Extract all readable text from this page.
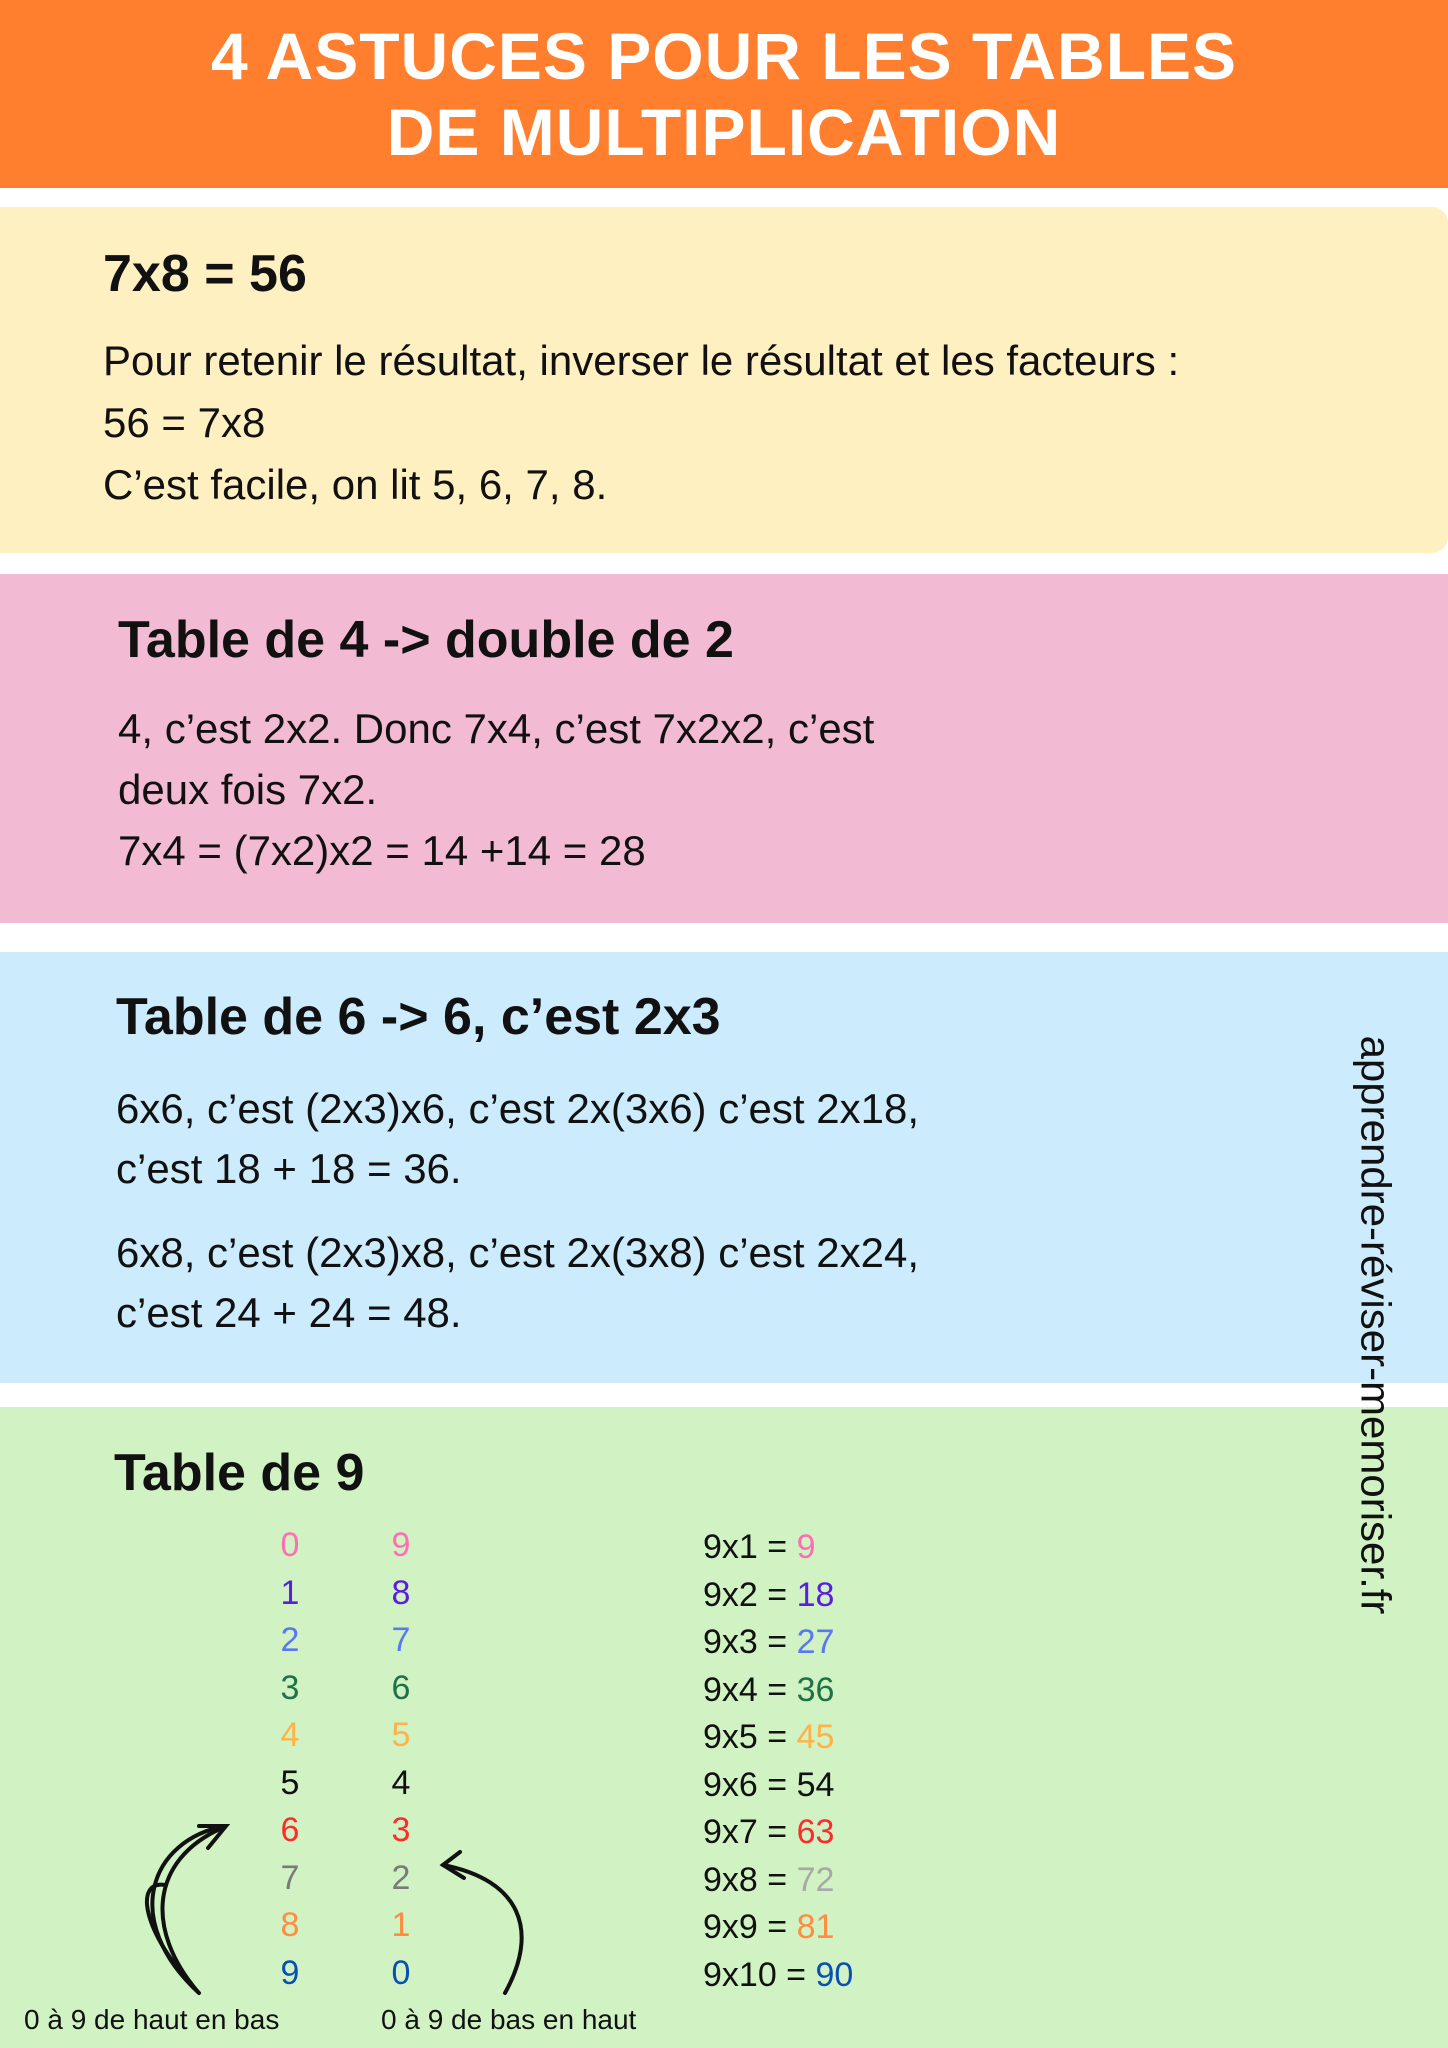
4 ASTUCES POUR LES TABLES
DE MULTIPLICATION
7x8 = 56
Pour retenir le résultat, inverser le résultat et les facteurs :
56 = 7x8
C’est facile, on lit 5, 6, 7, 8.
Table de 4 -> double de 2
4, c’est 2x2. Donc 7x4, c’est 7x2x2, c’est
deux fois 7x2.
7x4 = (7x2)x2 = 14 +14 = 28
Table de 6 -> 6, c’est 2x3
6x6, c’est (2x3)x6, c’est 2x(3x6) c’est 2x18,
c’est 18 + 18 = 36.
6x8, c’est (2x3)x8, c’est 2x(3x8) c’est 2x24,
c’est 24 + 24 = 48.
Table de 9
0
1
2
3
4
5
6
7
8
9
9
8
7
6
5
4
3
2
1
0
9x1 = 9
9x2 = 18
9x3 = 27
9x4 = 36
9x5 = 45
9x6 = 54
9x7 = 63
9x8 = 72
9x9 = 81
9x10 = 90
0 à 9 de haut en bas	0 à 9 de bas en haut
apprendre-réviser-memoriser.fr
